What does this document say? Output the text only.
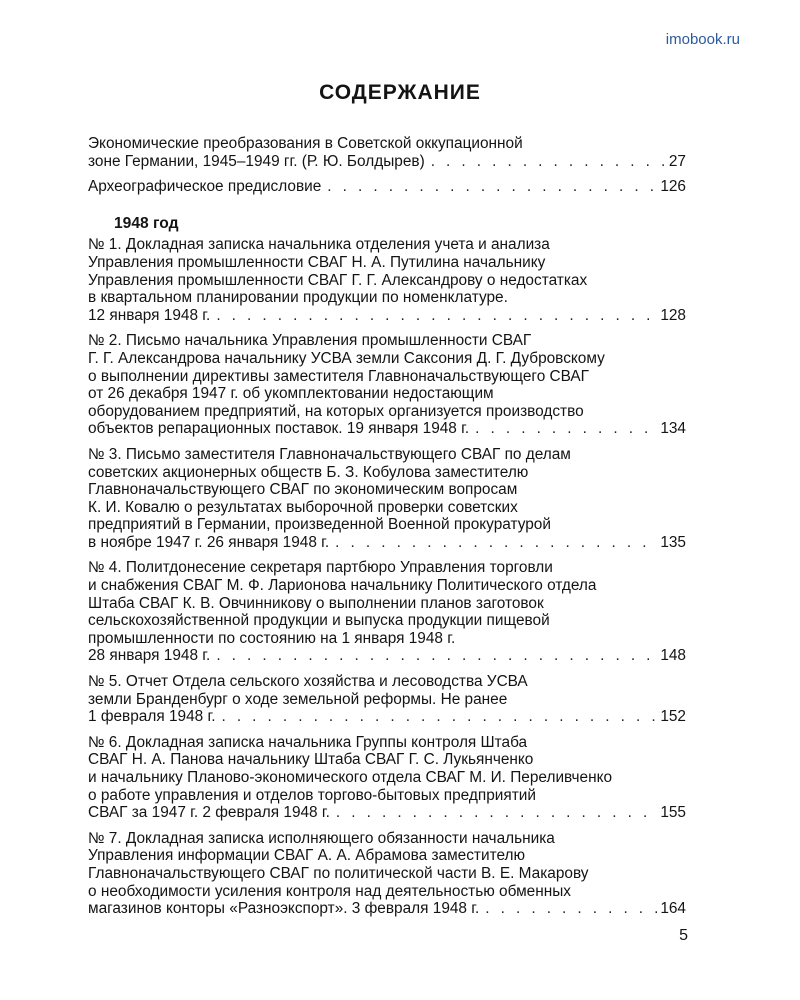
imobook.ru
СОДЕРЖАНИЕ
Экономические преобразования в Советской оккупационной
зоне Германии, 1945–1949 гг. (Р. Ю. Болдырев) . . .	27
Археографическое предисловие . . .	126
1948 год
№ 1. Докладная записка начальника отделения учета и анализа
Управления промышленности СВАГ Н. А. Путилина начальнику
Управления промышленности СВАГ Г. Г. Александрову о недостатках
в квартальном планировании продукции по номенклатуре.
12 января 1948 г. . . .	128
№ 2. Письмо начальника Управления промышленности СВАГ
Г. Г. Александрова начальнику УСВА земли Саксония Д. Г. Дубровскому
о выполнении директивы заместителя Главноначальствующего СВАГ
от 26 декабря 1947 г. об укомплектовании недостающим
оборудованием предприятий, на которых организуется производство
объектов репарационных поставок. 19 января 1948 г. . . .	134
№ 3. Письмо заместителя Главноначальствующего СВАГ по делам
советских акционерных обществ Б. З. Кобулова заместителю
Главноначальствующего СВАГ по экономическим вопросам
К. И. Ковалю о результатах выборочной проверки советских
предприятий в Германии, произведенной Военной прокуратурой
в ноябре 1947 г. 26 января 1948 г. . . .	135
№ 4. Политдонесение секретаря партбюро Управления торговли
и снабжения СВАГ М. Ф. Ларионова начальнику Политического отдела
Штаба СВАГ К. В. Овчинникову о выполнении планов заготовок
сельскохозяйственной продукции и выпуска продукции пищевой
промышленности по состоянию на 1 января 1948 г.
28 января 1948 г. . . .	148
№ 5. Отчет Отдела сельского хозяйства и лесоводства УСВА
земли Бранденбург о ходе земельной реформы. Не ранее
1 февраля 1948 г. . . .	152
№ 6. Докладная записка начальника Группы контроля Штаба
СВАГ Н. А. Панова начальнику Штаба СВАГ Г. С. Лукьянченко
и начальнику Планово-экономического отдела СВАГ М. И. Переливченко
о работе управления и отделов торгово-бытовых предприятий
СВАГ за 1947 г. 2 февраля 1948 г. . . .	155
№ 7. Докладная записка исполняющего обязанности начальника
Управления информации СВАГ А. А. Абрамова заместителю
Главноначальствующего СВАГ по политической части В. Е. Макарову
о необходимости усиления контроля над деятельностью обменных
магазинов конторы «Разноэкспорт». 3 февраля 1948 г. . . .	164
5
